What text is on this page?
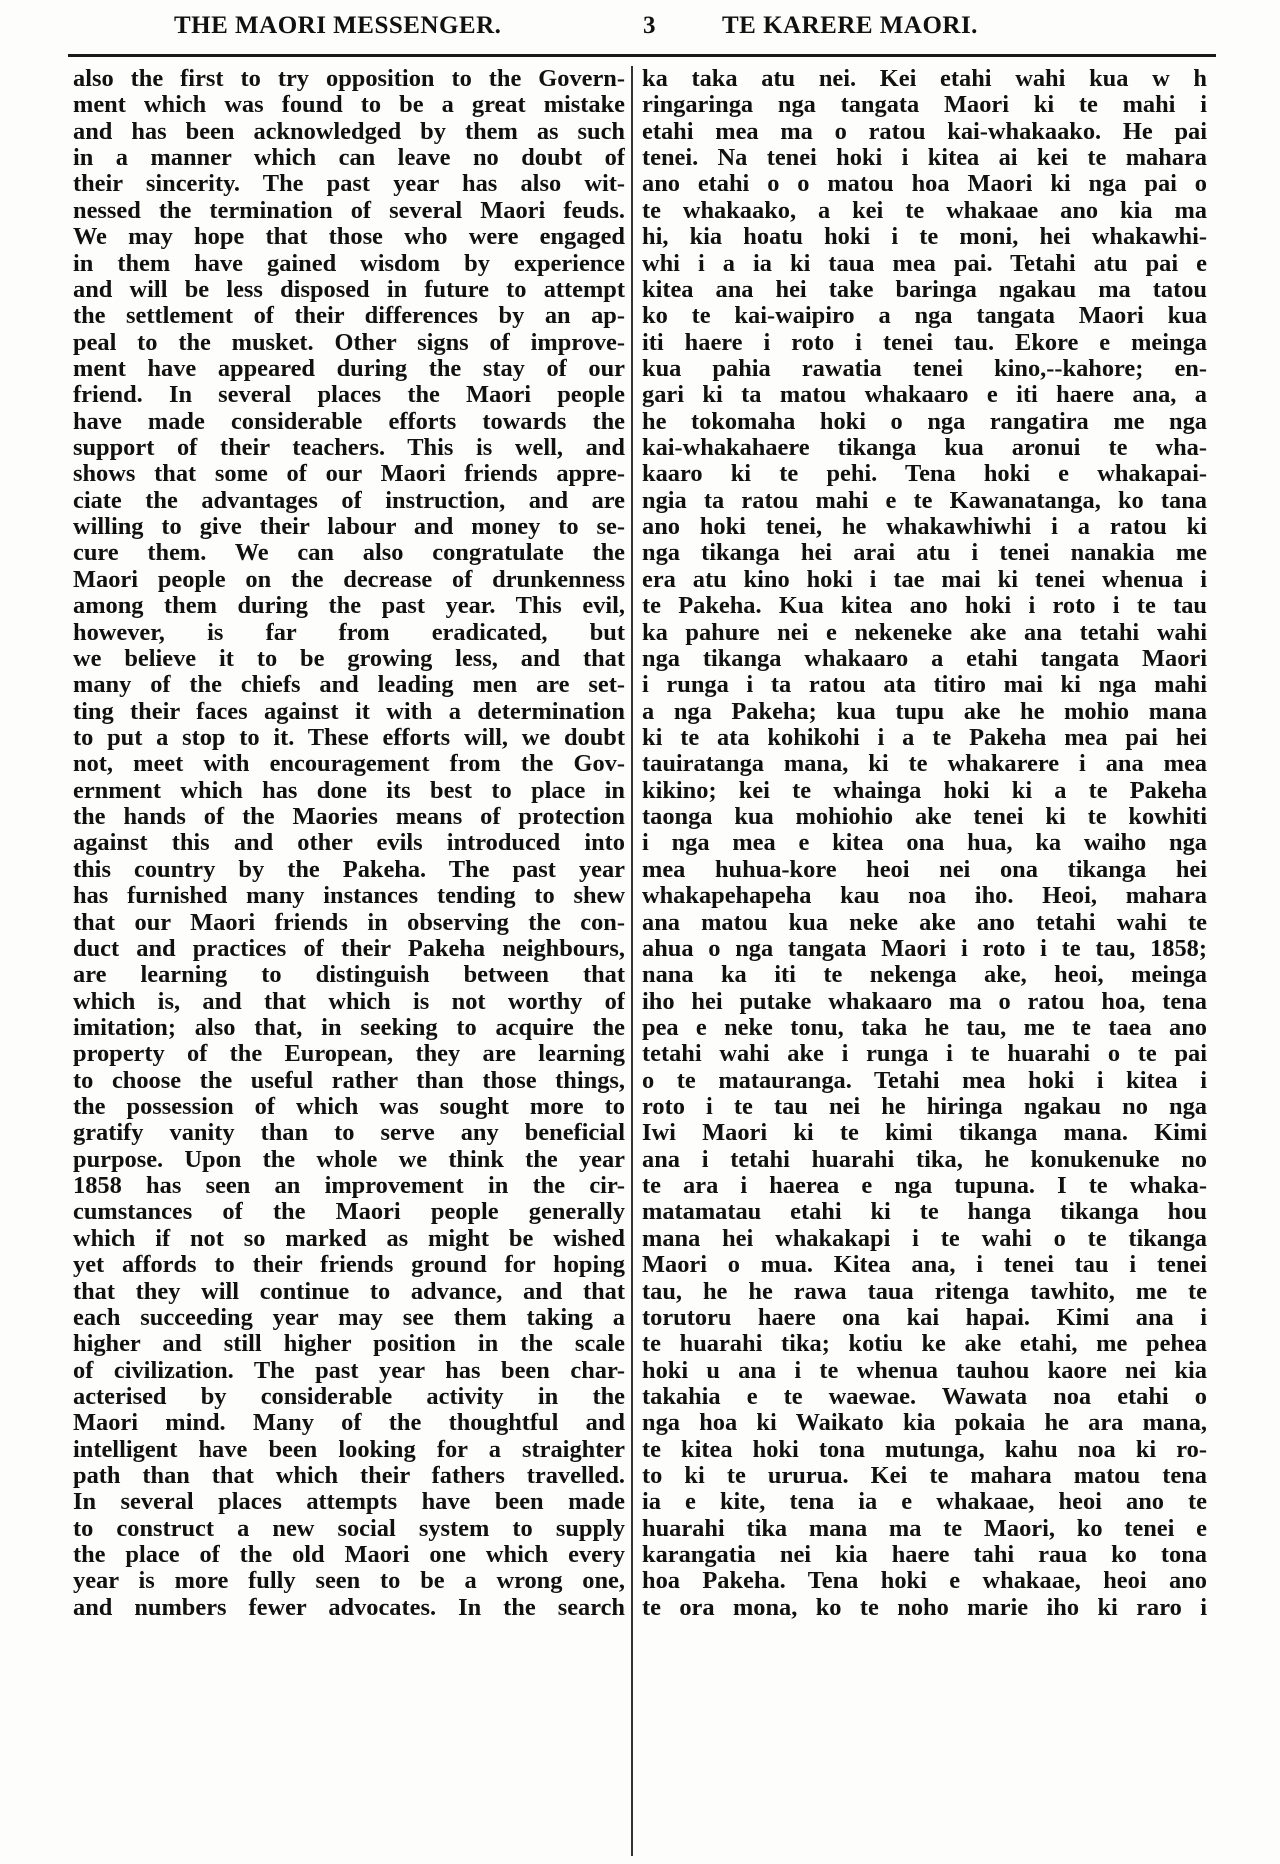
THE MAORI MESSENGER.	3	TE KARERE MAORI.
also the first to try opposition to the Govern-
ment which was found to be a great mistake
and has been acknowledged by them as such
in a manner which can leave no doubt of
their sincerity. The past year has also wit-
nessed the termination of several Maori feuds.
We may hope that those who were engaged
in them have gained wisdom by experience
and will be less disposed in future to attempt
the settlement of their differences by an ap-
peal to the musket. Other signs of improve-
ment have appeared during the stay of our
friend. In several places the Maori people
have made considerable efforts towards the
support of their teachers. This is well, and
shows that some of our Maori friends appre-
ciate the advantages of instruction, and are
willing to give their labour and money to se-
cure them. We can also congratulate the
Maori people on the decrease of drunkenness
among them during the past year. This evil,
however, is far from eradicated, but
we believe it to be growing less, and that
many of the chiefs and leading men are set-
ting their faces against it with a determination
to put a stop to it. These efforts will, we doubt
not, meet with encouragement from the Gov-
ernment which has done its best to place in
the hands of the Maories means of protection
against this and other evils introduced into
this country by the Pakeha. The past year
has furnished many instances tending to shew
that our Maori friends in observing the con-
duct and practices of their Pakeha neighbours,
are learning to distinguish between that
which is, and that which is not worthy of
imitation; also that, in seeking to acquire the
property of the European, they are learning
to choose the useful rather than those things,
the possession of which was sought more to
gratify vanity than to serve any beneficial
purpose. Upon the whole we think the year
1858 has seen an improvement in the cir-
cumstances of the Maori people generally
which if not so marked as might be wished
yet affords to their friends ground for hoping
that they will continue to advance, and that
each succeeding year may see them taking a
higher and still higher position in the scale
of civilization. The past year has been char-
acterised by considerable activity in the
Maori mind. Many of the thoughtful and
intelligent have been looking for a straighter
path than that which their fathers travelled.
In several places attempts have been made
to construct a new social system to supply
the place of the old Maori one which every
year is more fully seen to be a wrong one,
and numbers fewer advocates. In the search
ka taka atu nei. Kei etahi wahi kua w h
ringaringa nga tangata Maori ki te mahi i
etahi mea ma o ratou kai-whakaako. He pai
tenei. Na tenei hoki i kitea ai kei te mahara
ano etahi o o matou hoa Maori ki nga pai o
te whakaako, a kei te whakaae ano kia ma
hi, kia hoatu hoki i te moni, hei whakawhi-
whi i a ia ki taua mea pai. Tetahi atu pai e
kitea ana hei take baringa ngakau ma tatou
ko te kai-waipiro a nga tangata Maori kua
iti haere i roto i tenei tau. Ekore e meinga
kua pahia rawatia tenei kino,--kahore; en-
gari ki ta matou whakaaro e iti haere ana, a
he tokomaha hoki o nga rangatira me nga
kai-whakahaere tikanga kua aronui te wha-
kaaro ki te pehi. Tena hoki e whakapai-
ngia ta ratou mahi e te Kawanatanga, ko tana
ano hoki tenei, he whakawhiwhi i a ratou ki
nga tikanga hei arai atu i tenei nanakia me
era atu kino hoki i tae mai ki tenei whenua i
te Pakeha. Kua kitea ano hoki i roto i te tau
ka pahure nei e nekeneke ake ana tetahi wahi
nga tikanga whakaaro a etahi tangata Maori
i runga i ta ratou ata titiro mai ki nga mahi
a nga Pakeha; kua tupu ake he mohio mana
ki te ata kohikohi i a te Pakeha mea pai hei
tauiratanga mana, ki te whakarere i ana mea
kikino; kei te whainga hoki ki a te Pakeha
taonga kua mohiohio ake tenei ki te kowhiti
i nga mea e kitea ona hua, ka waiho nga
mea huhua-kore heoi nei ona tikanga hei
whakapehapeha kau noa iho. Heoi, mahara
ana matou kua neke ake ano tetahi wahi te
ahua o nga tangata Maori i roto i te tau, 1858;
nana ka iti te nekenga ake, heoi, meinga
iho hei putake whakaaro ma o ratou hoa, tena
pea e neke tonu, taka he tau, me te taea ano
tetahi wahi ake i runga i te huarahi o te pai
o te matauranga. Tetahi mea hoki i kitea i
roto i te tau nei he hiringa ngakau no nga
Iwi Maori ki te kimi tikanga mana. Kimi
ana i tetahi huarahi tika, he konukenuke no
te ara i haerea e nga tupuna. I te whaka-
matamatau etahi ki te hanga tikanga hou
mana hei whakakapi i te wahi o te tikanga
Maori o mua. Kitea ana, i tenei tau i tenei
tau, he he rawa taua ritenga tawhito, me te
torutoru haere ona kai hapai. Kimi ana i
te huarahi tika; kotiu ke ake etahi, me pehea
hoki u ana i te whenua tauhou kaore nei kia
takahia e te waewae. Wawata noa etahi o
nga hoa ki Waikato kia pokaia he ara mana,
te kitea hoki tona mutunga, kahu noa ki ro-
to ki te ururua. Kei te mahara matou tena
ia e kite, tena ia e whakaae, heoi ano te
huarahi tika mana ma te Maori, ko tenei e
karangatia nei kia haere tahi raua ko tona
hoa Pakeha. Tena hoki e whakaae, heoi ano
te ora mona, ko te noho marie iho ki raro i
